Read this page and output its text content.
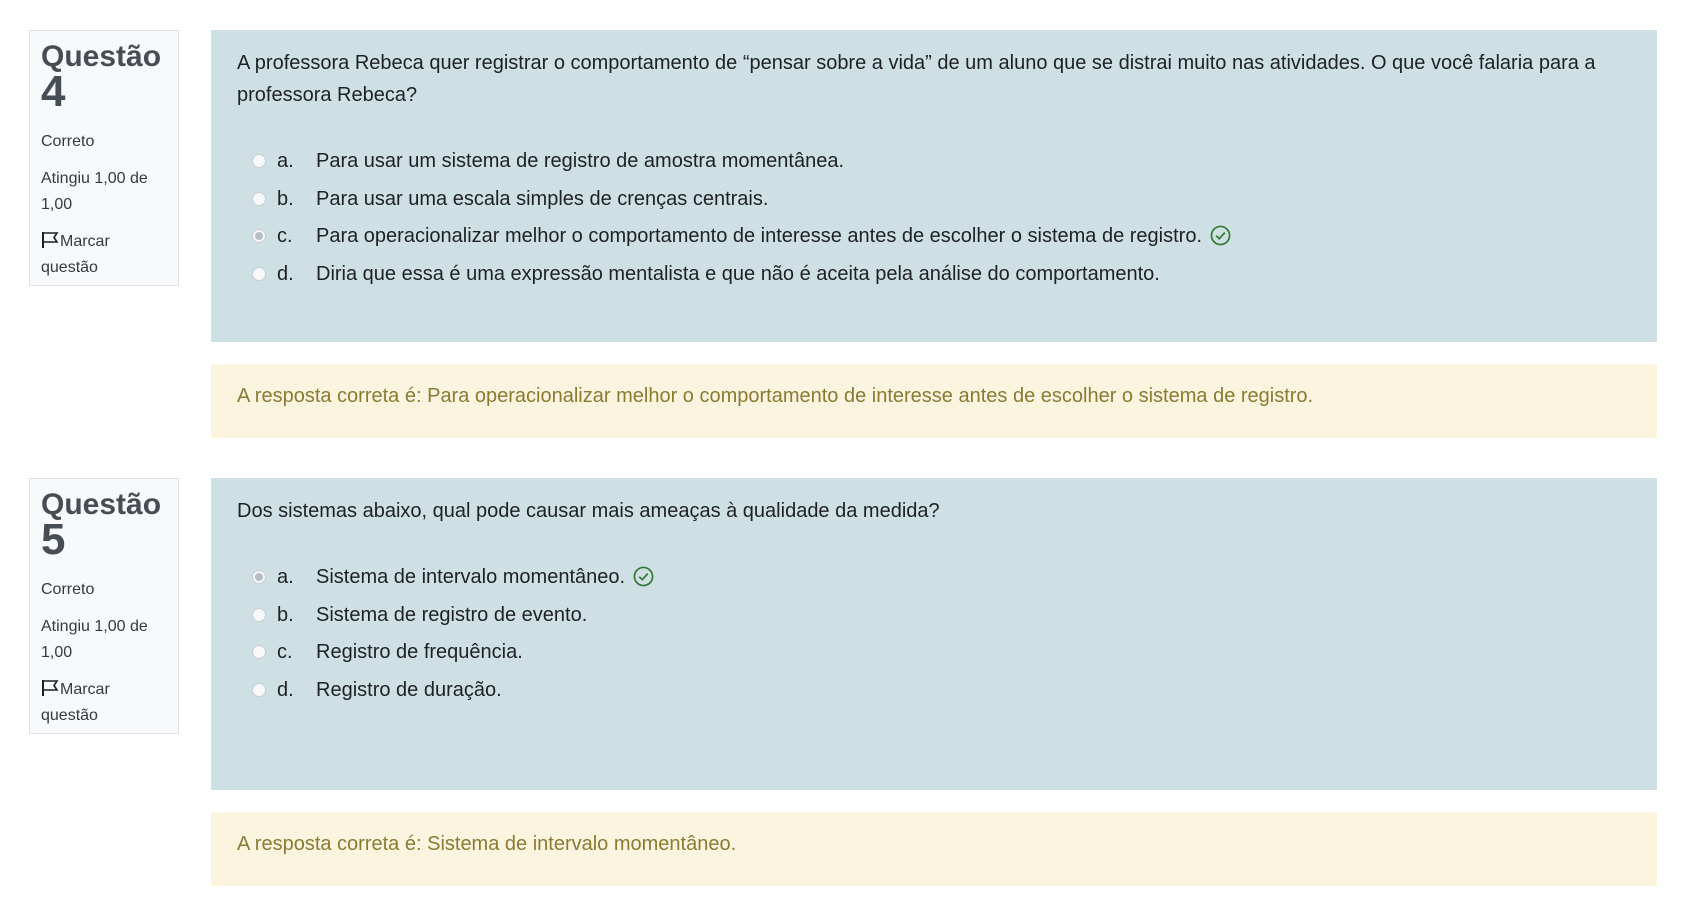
Questão
4
Correto
Atingiu 1,00 de 1,00
Marcar questão

A professora Rebeca quer registrar o comportamento de “pensar sobre a vida” de um aluno que se distrai muito nas atividades. O que você falaria para a professora Rebeca?

a. Para usar um sistema de registro de amostra momentânea.
b. Para usar uma escala simples de crenças centrais.
c. Para operacionalizar melhor o comportamento de interesse antes de escolher o sistema de registro.
d. Diria que essa é uma expressão mentalista e que não é aceita pela análise do comportamento.
A resposta correta é: Para operacionalizar melhor o comportamento de interesse antes de escolher o sistema de registro.
Questão
5
Correto
Atingiu 1,00 de 1,00
Marcar questão

Dos sistemas abaixo, qual pode causar mais ameaças à qualidade da medida?

a. Sistema de intervalo momentâneo.
b. Sistema de registro de evento.
c. Registro de frequência.
d. Registro de duração.
A resposta correta é: Sistema de intervalo momentâneo.
